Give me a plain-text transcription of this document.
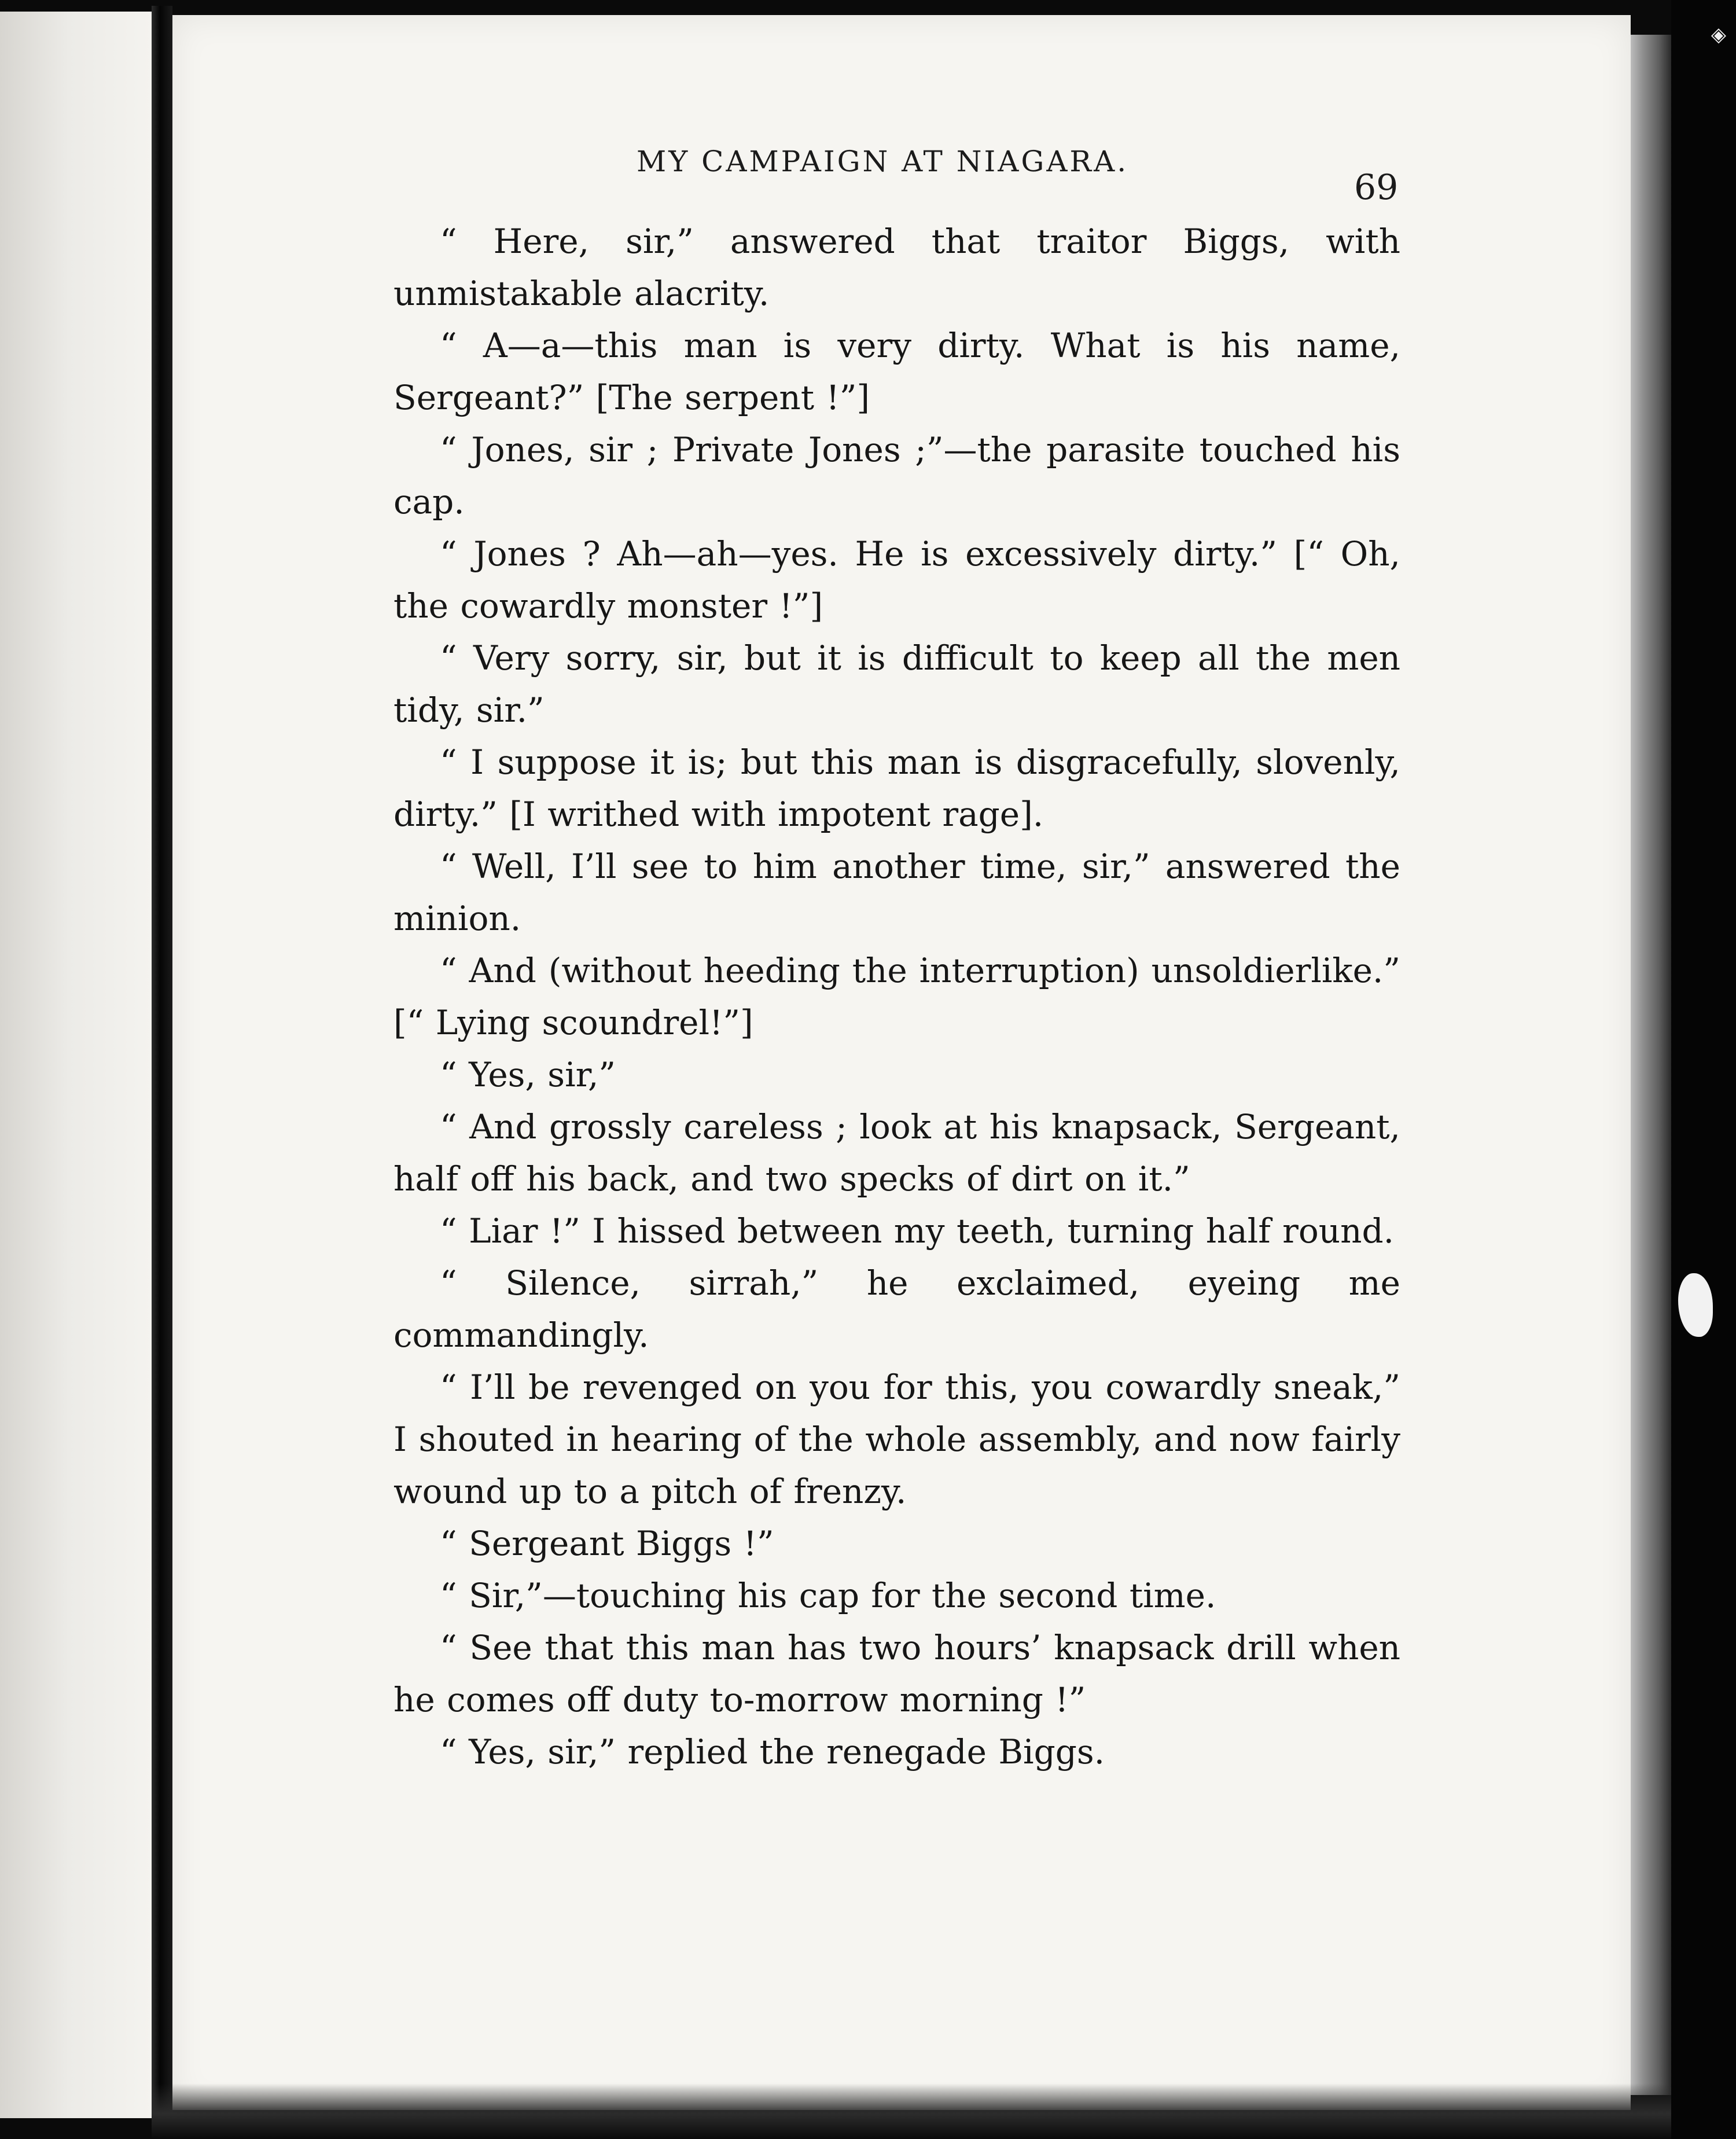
MY CAMPAIGN AT NIAGARA.
69

“ Here, sir,” answered that traitor Biggs, with unmistakable alacrity.

“ A—a—this man is very dirty. What is his name, Sergeant?” [The serpent !”]

“ Jones, sir ; Private Jones ;”—the parasite touched his cap.

“ Jones ? Ah—ah—yes. He is excessively dirty.” [“ Oh, the cowardly monster !”]

“ Very sorry, sir, but it is difficult to keep all the men tidy, sir.”

“ I suppose it is; but this man is disgracefully, slovenly, dirty.” [I writhed with impotent rage].

“ Well, I’ll see to him another time, sir,” answered the minion.

“ And (without heeding the interruption) unsoldierlike.” [“ Lying scoundrel!”]

“ Yes, sir,”

“ And grossly careless ; look at his knapsack, Sergeant, half off his back, and two specks of dirt on it.”

“ Liar !” I hissed between my teeth, turning half round.

“ Silence, sirrah,” he exclaimed, eyeing me commandingly.

“ I’ll be revenged on you for this, you cowardly sneak,” I shouted in hearing of the whole assembly, and now fairly wound up to a pitch of frenzy.

“ Sergeant Biggs !”

“ Sir,”—touching his cap for the second time.

“ See that this man has two hours’ knapsack drill when he comes off duty to-morrow morning !”

“ Yes, sir,” replied the renegade Biggs.

◈
